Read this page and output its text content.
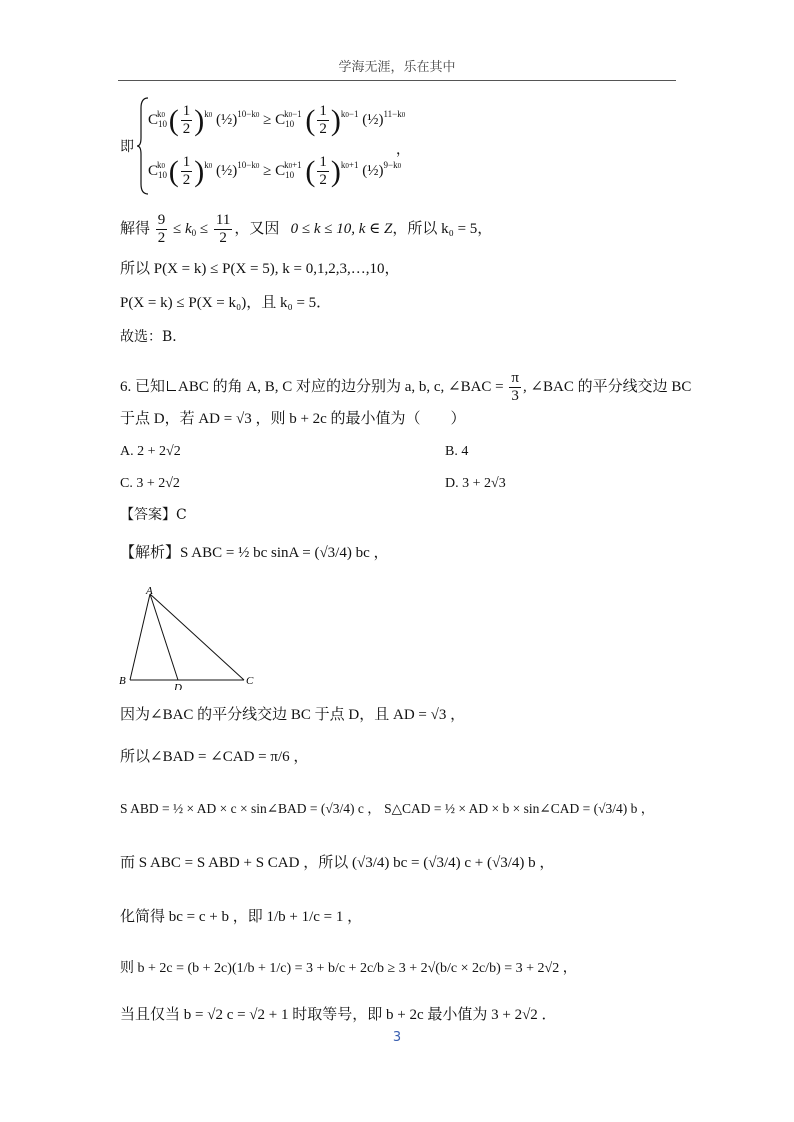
学海无涯，乐在其中
即
$C_{10}^{k0}$ ( $\frac{1}{2} )^{k0}$ (½)$^{10-k0}$ ≥ $C_{10}^{k0-1}$ ( $\frac{1}{2} )^{k0-1}$ (½)$^{11-k0}$
$C_{10}^{k0}$ ( $\frac{1}{2} )^{k0}$ (½)$^{10-k0}$ ≥ $C_{10}^{k0+1}$ ( $\frac{1}{2} )^{k0+1}$ (½)$^{9-k0}$
，
解得 $\frac{9}{2} \le k_0 \le \frac{11}{2}$ ，又因 0 ≤ k ≤ 10, k ∈ Z，所以 k₀ = 5，
所以 P(X = k) ≤ P(X = 5), k = 0,1,2,3,…,10，
P(X = k) ≤ P(X = k₀)，且 k₀ = 5．
故选：B．
6. 已知 ABC 的角 A, B, C 对应的边分别为 a, b, c, ∠BAC = $\frac{\pi}{3}$ , ∠BAC 的平分线交边 BC
于点 D，若 AD = √3 ，则 b + 2c 的最小值为（　　）
A. 2 + 2√2	B. 4
C. 3 + 2√2	D. 3 + 2√3
【答案】C
【解析】S ABC = ½ bc sinA = (√3/4) bc ，
A
B
D
C
因为∠BAC 的平分线交边 BC 于点 D，且 AD = √3 ，
所以∠BAD = ∠CAD = π/6 ，
S ABD = ½ × AD × c × sin∠BAD = (√3/4) c ， S△CAD = ½ × AD × b × sin∠CAD = (√3/4) b ，
而 S ABC = S ABD + S CAD ，所以 (√3/4) bc = (√3/4) c + (√3/4) b ，
化简得 bc = c + b ，即 1/b + 1/c = 1 ，
则 b + 2c = (b + 2c)(1/b + 1/c) = 3 + b/c + 2c/b ≥ 3 + 2√(b/c × 2c/b) = 3 + 2√2 ，
当且仅当 b = √2 c = √2 + 1 时取等号，即 b + 2c 最小值为 3 + 2√2 ．
3
